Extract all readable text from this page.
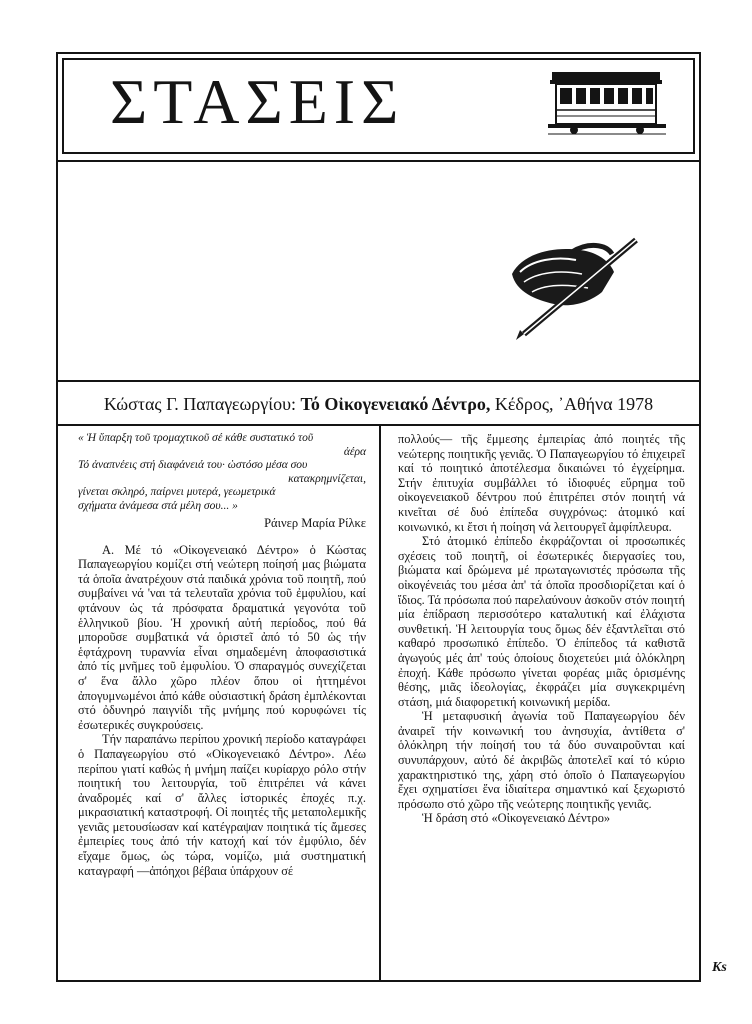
ΣΤΑΣΕΙΣ
Κώστας Γ. Παπαγεωργίου: Τό Οἰκογενειακό Δέντρο, Κέδρος, ᾿Αθήνα 1978
« Ἡ ὕπαρξη τοῦ τρομαχτικοῦ σέ κάθε συστατικό τοῦ
ἀέρα
Τό ἀναπνέεις στή διαφάνειά του· ὡστόσο μέσα σου
κατακρημνίζεται,
γίνεται σκληρό, παίρνει μυτερά, γεωμετρικά
σχήματα ἀνάμεσα στά μέλη σου... »
Ράινερ Μαρία Ρίλκε

Α. Μέ τό «Οἰκογενειακό Δέντρο» ὁ Κώστας Παπαγεωργίου κομίζει στή νεώτερη ποίησή μας βιώματα τά ὁποῖα ἀνατρέχουν στά παιδικά χρόνια τοῦ ποιητῆ, πού συμβαίνει νά 'ναι τά τελευταῖα χρόνια τοῦ ἐμφυλίου, καί φτάνουν ὡς τά πρόσφατα δραματικά γεγονότα τοῦ ἑλληνικοῦ βίου. Ἡ χρονική αὐτή περίοδος, πού θά μποροῦσε συμβατικά νά ὁριστεῖ ἀπό τό 50 ὡς τήν ἑφτάχρονη τυραννία εἶναι σημαδεμένη ἀποφασιστικά ἀπό τίς μνῆμες τοῦ ἐμφυλίου. Ὁ σπαραγμός συνεχίζεται σ' ἕνα ἄλλο χῶρο πλέον ὅπου οἱ ἡττημένοι ἀπογυμνωμένοι ἀπό κάθε οὐσιαστική δράση ἐμπλέκονται στό ὀδυνηρό παιγνίδι τῆς μνήμης πού κορυφώνει τίς ἐσωτερικές συγκρούσεις.

Τήν παραπάνω περίπου χρονική περίοδο καταγράφει ὁ Παπαγεωργίου στό «Οἰκογενειακό Δέντρο». Λέω περίπου γιατί καθώς ἡ μνήμη παίζει κυρίαρχο ρόλο στήν ποιητική του λειτουργία, τοῦ ἐπιτρέπει νά κάνει ἀναδρομές καί σ' ἄλλες ἱστορικές ἐποχές π.χ. μικρασιατική καταστροφή. Οἱ ποιητές τῆς μεταπολεμικῆς γενιᾶς μετουσίωσαν καί κατέγραψαν ποιητικά τίς ἄμεσες ἐμπειρίες τους ἀπό τήν κατοχή καί τόν ἐμφύλιο, δέν εἴχαμε ὅμως, ὡς τώρα, νομίζω, μιά συστηματική καταγραφή —ἀπόηχοι βέβαια ὑπάρχουν σέ

πολλούς— τῆς ἔμμεσης ἐμπειρίας ἀπό ποιητές τῆς νεώτερης ποιητικῆς γενιᾶς. Ὁ Παπαγεωργίου τό ἐπιχειρεῖ καί τό ποιητικό ἀποτέλεσμα δικαιώνει τό ἐγχείρημα. Στήν ἐπιτυχία συμβάλλει τό ἰδιοφυές εὕρημα τοῦ οἰκογενειακοῦ δέντρου πού ἐπιτρέπει στόν ποιητή νά κινεῖται σέ δυό ἐπίπεδα συγχρόνως: ἀτομικό καί κοινωνικό, κι ἔτσι ἡ ποίηση νά λειτουργεῖ ἀμφίπλευρα.

Στό ἀτομικό ἐπίπεδο ἐκφράζονται οἱ προσωπικές σχέσεις τοῦ ποιητῆ, οἱ ἐσωτερικές διεργασίες του, βιώματα καί δρώμενα μέ πρωταγωνιστές πρόσωπα τῆς οἰκογένειάς του μέσα ἀπ' τά ὁποῖα προσδιορίζεται καί ὁ ἴδιος. Τά πρόσωπα πού παρελαύνουν ἀσκοῦν στόν ποιητή μία ἐπίδραση περισσότερο καταλυτική καί ἐλάχιστα συνθετική. Ἡ λειτουργία τους ὅμως δέν ἐξαντλεῖται στό καθαρό προσωπικό ἐπίπεδο. Ὁ ἐπίπεδος τά καθιστᾶ ἀγωγούς μές ἀπ' τούς ὁποίους διοχετεύει μιά ὁλόκληρη ἐποχή. Κάθε πρόσωπο γίνεται φορέας μιᾶς ὁρισμένης θέσης, μιᾶς ἰδεολογίας, ἐκφράζει μία συγκεκριμένη στάση, μιά διαφορετική κοινωνική μερίδα.

Ἡ μεταφυσική ἀγωνία τοῦ Παπαγεωργίου δέν ἀναιρεῖ τήν κοινωνική του ἀνησυχία, ἀντίθετα σ' ὁλόκληρη τήν ποίησή του τά δύο συναιροῦνται καί συνυπάρχουν, αὐτό δέ ἀκριβῶς ἀποτελεῖ καί τό κύριο χαρακτηριστικό της, χάρη στό ὁποῖο ὁ Παπαγεωργίου ἔχει σχηματίσει ἕνα ἰδιαίτερα σημαντικό καί ξεχωριστό πρόσωπο στό χῶρο τῆς νεώτερης ποιητικῆς γενιᾶς.

Ἡ δράση στό «Οἰκογενειακό Δέντρο»

Ks
